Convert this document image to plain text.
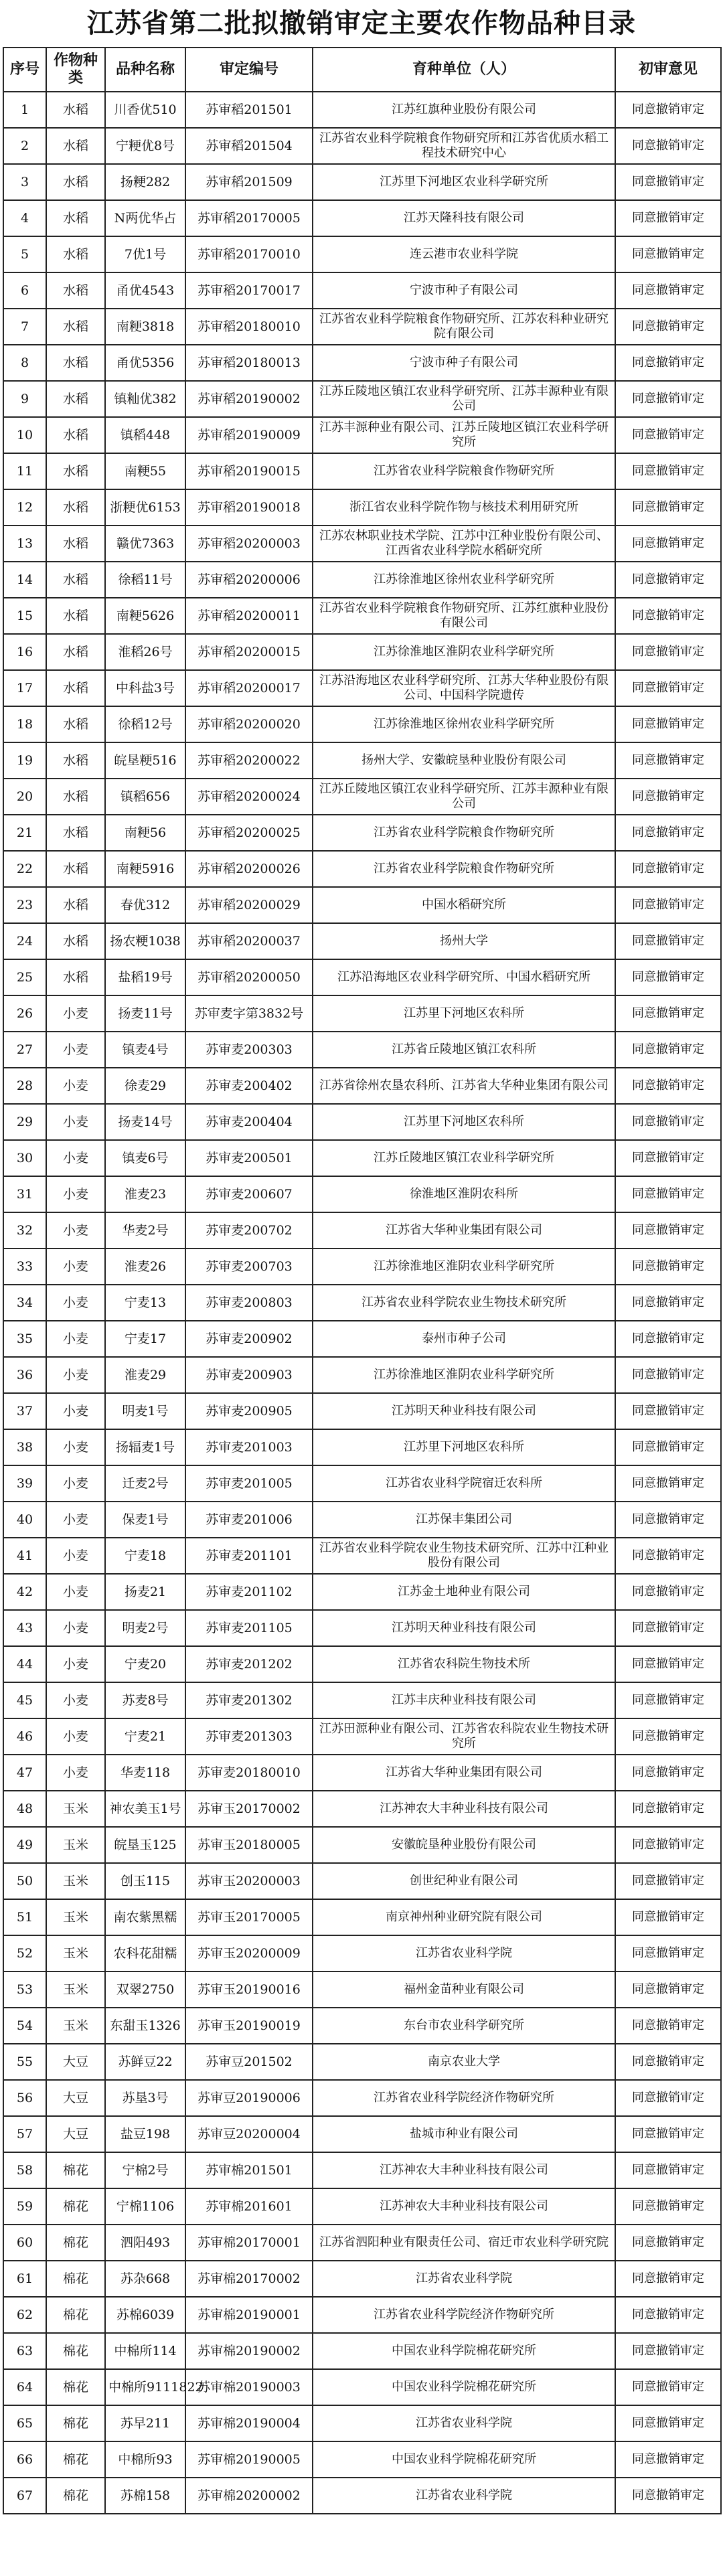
江苏省第二批拟撤销审定主要农作物品种目录
序号	作物种类	品种名称	审定编号	育种单位（人）	初审意见
1	水稻	川香优510	苏审稻201501	江苏红旗种业股份有限公司	同意撤销审定
2	水稻	宁粳优8号	苏审稻201504	江苏省农业科学院粮食作物研究所和江苏省优质水稻工程技术研究中心	同意撤销审定
3	水稻	扬粳282	苏审稻201509	江苏里下河地区农业科学研究所	同意撤销审定
4	水稻	N两优华占	苏审稻20170005	江苏天隆科技有限公司	同意撤销审定
5	水稻	7优1号	苏审稻20170010	连云港市农业科学院	同意撤销审定
6	水稻	甬优4543	苏审稻20170017	宁波市种子有限公司	同意撤销审定
7	水稻	南粳3818	苏审稻20180010	江苏省农业科学院粮食作物研究所、江苏农科种业研究院有限公司	同意撤销审定
8	水稻	甬优5356	苏审稻20180013	宁波市种子有限公司	同意撤销审定
9	水稻	镇籼优382	苏审稻20190002	江苏丘陵地区镇江农业科学研究所、江苏丰源种业有限公司	同意撤销审定
10	水稻	镇稻448	苏审稻20190009	江苏丰源种业有限公司、江苏丘陵地区镇江农业科学研究所	同意撤销审定
11	水稻	南粳55	苏审稻20190015	江苏省农业科学院粮食作物研究所	同意撤销审定
12	水稻	浙粳优6153	苏审稻20190018	浙江省农业科学院作物与核技术利用研究所	同意撤销审定
13	水稻	赣优7363	苏审稻20200003	江苏农林职业技术学院、江苏中江种业股份有限公司、江西省农业科学院水稻研究所	同意撤销审定
14	水稻	徐稻11号	苏审稻20200006	江苏徐淮地区徐州农业科学研究所	同意撤销审定
15	水稻	南粳5626	苏审稻20200011	江苏省农业科学院粮食作物研究所、江苏红旗种业股份有限公司	同意撤销审定
16	水稻	淮稻26号	苏审稻20200015	江苏徐淮地区淮阴农业科学研究所	同意撤销审定
17	水稻	中科盐3号	苏审稻20200017	江苏沿海地区农业科学研究所、江苏大华种业股份有限公司、中国科学院遗传	同意撤销审定
18	水稻	徐稻12号	苏审稻20200020	江苏徐淮地区徐州农业科学研究所	同意撤销审定
19	水稻	皖垦粳516	苏审稻20200022	扬州大学、安徽皖垦种业股份有限公司	同意撤销审定
20	水稻	镇稻656	苏审稻20200024	江苏丘陵地区镇江农业科学研究所、江苏丰源种业有限公司	同意撤销审定
21	水稻	南粳56	苏审稻20200025	江苏省农业科学院粮食作物研究所	同意撤销审定
22	水稻	南粳5916	苏审稻20200026	江苏省农业科学院粮食作物研究所	同意撤销审定
23	水稻	春优312	苏审稻20200029	中国水稻研究所	同意撤销审定
24	水稻	扬农粳1038	苏审稻20200037	扬州大学	同意撤销审定
25	水稻	盐稻19号	苏审稻20200050	江苏沿海地区农业科学研究所、中国水稻研究所	同意撤销审定
26	小麦	扬麦11号	苏审麦字第3832号	江苏里下河地区农科所	同意撤销审定
27	小麦	镇麦4号	苏审麦200303	江苏省丘陵地区镇江农科所	同意撤销审定
28	小麦	徐麦29	苏审麦200402	江苏省徐州农垦农科所、江苏省大华种业集团有限公司	同意撤销审定
29	小麦	扬麦14号	苏审麦200404	江苏里下河地区农科所	同意撤销审定
30	小麦	镇麦6号	苏审麦200501	江苏丘陵地区镇江农业科学研究所	同意撤销审定
31	小麦	淮麦23	苏审麦200607	徐淮地区淮阴农科所	同意撤销审定
32	小麦	华麦2号	苏审麦200702	江苏省大华种业集团有限公司	同意撤销审定
33	小麦	淮麦26	苏审麦200703	江苏徐淮地区淮阴农业科学研究所	同意撤销审定
34	小麦	宁麦13	苏审麦200803	江苏省农业科学院农业生物技术研究所	同意撤销审定
35	小麦	宁麦17	苏审麦200902	泰州市种子公司	同意撤销审定
36	小麦	淮麦29	苏审麦200903	江苏徐淮地区淮阴农业科学研究所	同意撤销审定
37	小麦	明麦1号	苏审麦200905	江苏明天种业科技有限公司	同意撤销审定
38	小麦	扬辐麦1号	苏审麦201003	江苏里下河地区农科所	同意撤销审定
39	小麦	迁麦2号	苏审麦201005	江苏省农业科学院宿迁农科所	同意撤销审定
40	小麦	保麦1号	苏审麦201006	江苏保丰集团公司	同意撤销审定
41	小麦	宁麦18	苏审麦201101	江苏省农业科学院农业生物技术研究所、江苏中江种业股份有限公司	同意撤销审定
42	小麦	扬麦21	苏审麦201102	江苏金土地种业有限公司	同意撤销审定
43	小麦	明麦2号	苏审麦201105	江苏明天种业科技有限公司	同意撤销审定
44	小麦	宁麦20	苏审麦201202	江苏省农科院生物技术所	同意撤销审定
45	小麦	苏麦8号	苏审麦201302	江苏丰庆种业科技有限公司	同意撤销审定
46	小麦	宁麦21	苏审麦201303	江苏田源种业有限公司、江苏省农科院农业生物技术研究所	同意撤销审定
47	小麦	华麦118	苏审麦20180010	江苏省大华种业集团有限公司	同意撤销审定
48	玉米	神农美玉1号	苏审玉20170002	江苏神农大丰种业科技有限公司	同意撤销审定
49	玉米	皖垦玉125	苏审玉20180005	安徽皖垦种业股份有限公司	同意撤销审定
50	玉米	创玉115	苏审玉20200003	创世纪种业有限公司	同意撤销审定
51	玉米	南农紫黑糯	苏审玉20170005	南京神州种业研究院有限公司	同意撤销审定
52	玉米	农科花甜糯	苏审玉20200009	江苏省农业科学院	同意撤销审定
53	玉米	双翠2750	苏审玉20190016	福州金苗种业有限公司	同意撤销审定
54	玉米	东甜玉1326	苏审玉20190019	东台市农业科学研究所	同意撤销审定
55	大豆	苏鲜豆22	苏审豆201502	南京农业大学	同意撤销审定
56	大豆	苏垦3号	苏审豆20190006	江苏省农业科学院经济作物研究所	同意撤销审定
57	大豆	盐豆198	苏审豆20200004	盐城市种业有限公司	同意撤销审定
58	棉花	宁棉2号	苏审棉201501	江苏神农大丰种业科技有限公司	同意撤销审定
59	棉花	宁棉1106	苏审棉201601	江苏神农大丰种业科技有限公司	同意撤销审定
60	棉花	泗阳493	苏审棉20170001	江苏省泗阳种业有限责任公司、宿迁市农业科学研究院	同意撤销审定
61	棉花	苏杂668	苏审棉20170002	江苏省农业科学院	同意撤销审定
62	棉花	苏棉6039	苏审棉20190001	江苏省农业科学院经济作物研究所	同意撤销审定
63	棉花	中棉所114	苏审棉20190002	中国农业科学院棉花研究所	同意撤销审定
64	棉花	中棉所9111822	苏审棉20190003	中国农业科学院棉花研究所	同意撤销审定
65	棉花	苏早211	苏审棉20190004	江苏省农业科学院	同意撤销审定
66	棉花	中棉所93	苏审棉20190005	中国农业科学院棉花研究所	同意撤销审定
67	棉花	苏棉158	苏审棉20200002	江苏省农业科学院	同意撤销审定
